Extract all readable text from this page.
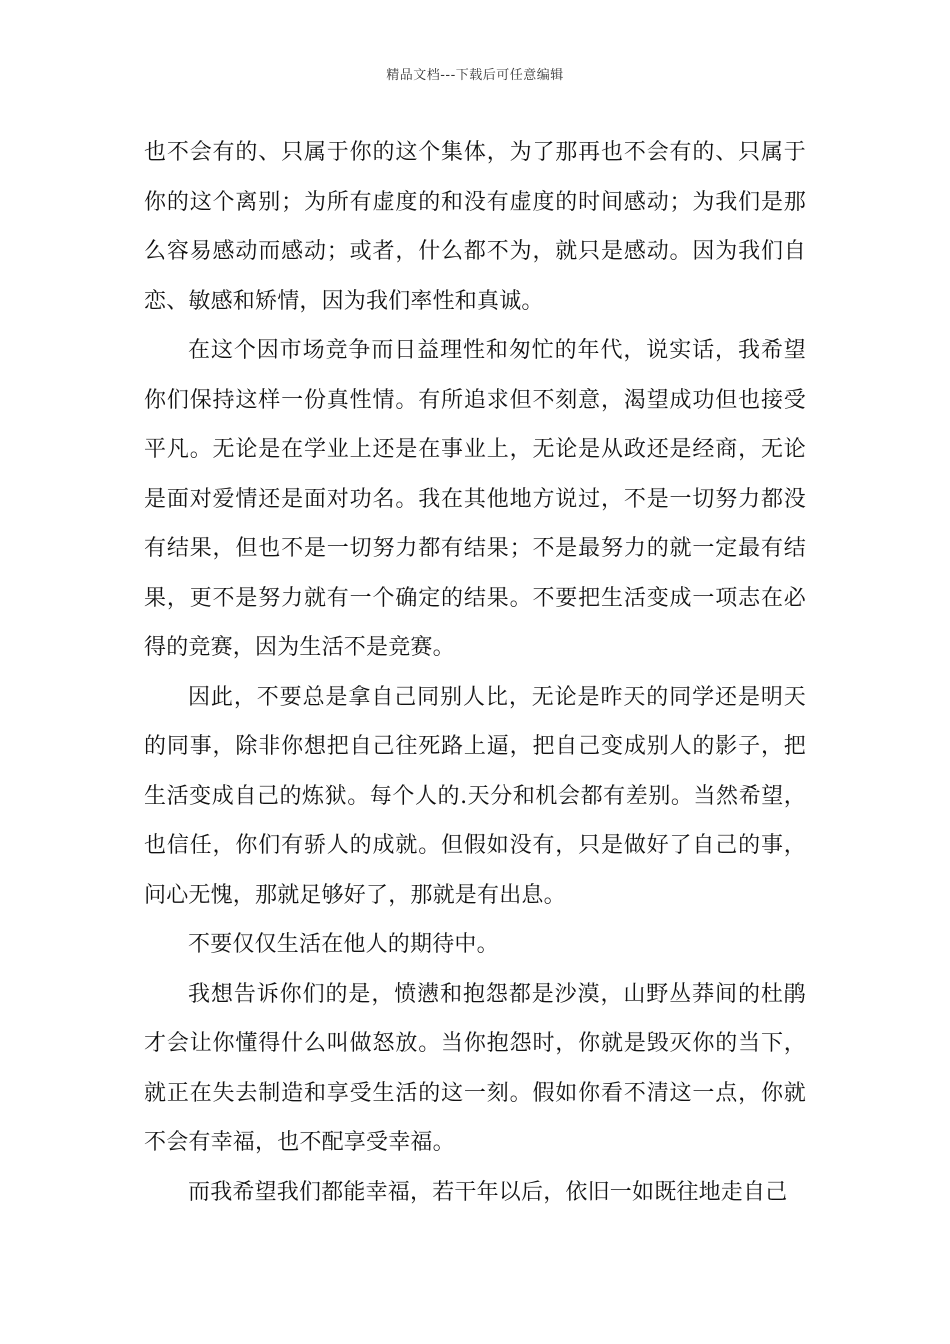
精品文档---下载后可任意编辑

也不会有的、只属于你的这个集体，为了那再也不会有的、只属于你的这个离别；为所有虚度的和没有虚度的时间感动；为我们是那么容易感动而感动；或者，什么都不为，就只是感动。因为我们自恋、敏感和矫情，因为我们率性和真诚。

在这个因市场竞争而日益理性和匆忙的年代，说实话，我希望你们保持这样一份真性情。有所追求但不刻意，渴望成功但也接受平凡。无论是在学业上还是在事业上，无论是从政还是经商，无论是面对爱情还是面对功名。我在其他地方说过，不是一切努力都没有结果，但也不是一切努力都有结果；不是最努力的就一定最有结果，更不是努力就有一个确定的结果。不要把生活变成一项志在必得的竞赛，因为生活不是竞赛。

因此，不要总是拿自己同别人比，无论是昨天的同学还是明天的同事，除非你想把自己往死路上逼，把自己变成别人的影子，把生活变成自己的炼狱。每个人的.天分和机会都有差别。当然希望，也信任，你们有骄人的成就。但假如没有，只是做好了自己的事，问心无愧，那就足够好了，那就是有出息。

不要仅仅生活在他人的期待中。

我想告诉你们的是，愤懑和抱怨都是沙漠，山野丛莽间的杜鹃才会让你懂得什么叫做怒放。当你抱怨时，你就是毁灭你的当下，就正在失去制造和享受生活的这一刻。假如你看不清这一点，你就不会有幸福，也不配享受幸福。

而我希望我们都能幸福，若干年以后，依旧一如既往地走自己
